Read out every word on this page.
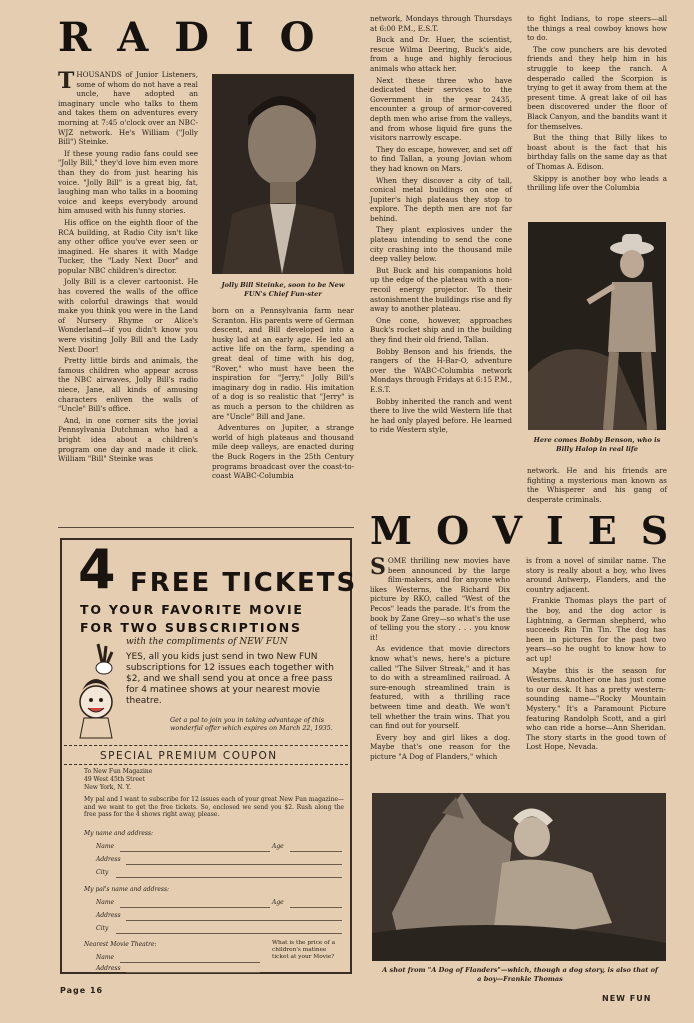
RADIO

THOUSANDS of Junior Listeners, some of whom do not have a real uncle, have adopted an imaginary uncle who talks to them and takes them on adventures every morning at 7:45 o'clock over an NBC-WJZ network. He's William ("Jolly Bill") Steinke.

If these young radio fans could see "Jolly Bill," they'd love him even more than they do from just hearing his voice. "Jolly Bill" is a great big, fat, laughing man who talks in a booming voice and keeps everybody around him amused with his funny stories.

His office on the eighth floor of the RCA building, at Radio City isn't like any other office you've ever seen or imagined. He shares it with Madge Tucker, the "Lady Next Door" and popular NBC children's director.

Jolly Bill is a clever cartoonist. He has covered the walls of the office with colorful drawings that would make you think you were in the Land of Nursery Rhyme or Alice's Wonderland—if you didn't know you were visiting Jolly Bill and the Lady Next Door!

Pretty little birds and animals, the famous children who appear across the NBC airwaves, Jolly Bill's radio niece, Jane, all kinds of amusing characters enliven the walls of "Uncle" Bill's office.

And, in one corner sits the jovial Pennsylvania Dutchman who had a bright idea about a children's program one day and made it click. William "Bill" Steinke was

Jolly Bill Steinke, soon to be New FUN's Chief Fun-ster

born on a Pennsylvania farm near Scranton. His parents were of German descent, and Bill developed into a husky lad at an early age. He led an active life on the farm, spending a great deal of time with his dog, "Rover," who must have been the inspiration for "Jerry," Jolly Bill's imaginary dog in radio. His imitation of a dog is so realistic that "Jerry" is as much a person to the children as are "Uncle" Bill and Jane.

Adventures on Jupiter, a strange world of high plateaus and thousand mile deep valleys, are enacted during the Buck Rogers in the 25th Century programs broadcast over the coast-to-coast WABC-Columbia

network, Mondays through Thursdays at 6:00 P.M., E.S.T.

Buck and Dr. Huer, the scientist, rescue Wilma Deering, Buck's aide, from a huge and highly ferocious animals who attack her.

Next these three who have dedicated their services to the Government in the year 2435, encounter a group of armor-covered depth men who arise from the valleys, and from whose liquid fire guns the visitors narrowly escape.

They do escape, however, and set off to find Tallan, a young Jovian whom they had known on Mars.

When they discover a city of tall, conical metal buildings on one of Jupiter's high plateaus they stop to explore. The depth men are not far behind.

They plant explosives under the plateau intending to send the cone city crashing into the thousand mile deep valley below.

But Buck and his companions hold up the edge of the plateau with a non-recoil energy projector. To their astonishment the buildings rise and fly away to another plateau.

One cone, however, approaches Buck's rocket ship and in the building they find their old friend, Tallan.

Bobby Benson and his friends, the rangers of the H-Bar-O, adventure over the WABC-Columbia network Mondays through Fridays at 6:15 P.M., E.S.T.

Bobby inherited the ranch and went there to live the wild Western life that he had only played before. He learned to ride Western style,

to fight Indians, to rope steers—all the things a real cowboy knows how to do.

The cow punchers are his devoted friends and they help him in his struggle to keep the ranch. A desperado called the Scorpion is trying to get it away from them at the present time. A great lake of oil has been discovered under the floor of Black Canyon, and the bandits want it for themselves.

But the thing that Billy likes to boast about is the fact that his birthday falls on the same day as that of Thomas A. Edison.

Skippy is another boy who leads a thrilling life over the Columbia

Here comes Bobby Benson, who is Billy Halop in real life

network. He and his friends are fighting a mysterious man known as the Whisperer and his gang of desperate criminals.

MOVIES

SOME thrilling new movies have been announced by the large film-makers, and for anyone who likes Westerns, the Richard Dix picture by RKO, called "West of the Pecos" leads the parade. It's from the book by Zane Grey—so what's the use of telling you the story . . . you know it!

As evidence that movie directors know what's news, here's a picture called "The Silver Streak," and it has to do with a streamlined railroad. A sure-enough streamlined train is featured, with a thrilling race between time and death. We won't tell whether the train wins. That you can find out for yourself.

Every boy and girl likes a dog. Maybe that's one reason for the picture "A Dog of Flanders," which

is from a novel of similar name. The story is really about a boy, who lives around Antwerp, Flanders, and the country adjacent.

Frankie Thomas plays the part of the boy, and the dog actor is Lightning, a German shepherd, who succeeds Rin Tin Tin. The dog has been in pictures for the past two years—so he ought to know how to act up!

Maybe this is the season for Westerns. Another one has just come to our desk. It has a pretty western-sounding name—"Rocky Mountain Mystery." It's a Paramount Picture featuring Randolph Scott, and a girl who can ride a horse—Ann Sheridan. The story starts in the good town of Lost Hope, Nevada.

A shot from "A Dog of Flanders"—which, though a dog story, is also that of a boy—Frankie Thomas
4 FREE TICKETS
TO YOUR FAVORITE MOVIE
FOR TWO SUBSCRIPTIONS
with the compliments of NEW FUN
YES, all you kids just send in two New FUN subscriptions for 12 issues each together with $2, and we shall send you at once a free pass for 4 matinee shows at your nearest movie theatre.
Get a pal to join you in taking advantage of this wonderful offer which expires on March 22, 1935.
SPECIAL PREMIUM COUPON
To New Fun Magazine
49 West 45th Street
New York, N. Y.
My pal and I want to subscribe for 12 issues each of your great New Fun magazine—and we want to get the free tickets. So, enclosed we send you $2. Rush along the free pass for the 4 shows right away, please.
My name and address:
Name	Age
Address
City
My pal's name and address:
Name	Age
Address
City
Nearest Movie Theatre:
Name
Address
What is the price of a children's matinee ticket at your Movie?
Page 16
NEW FUN
